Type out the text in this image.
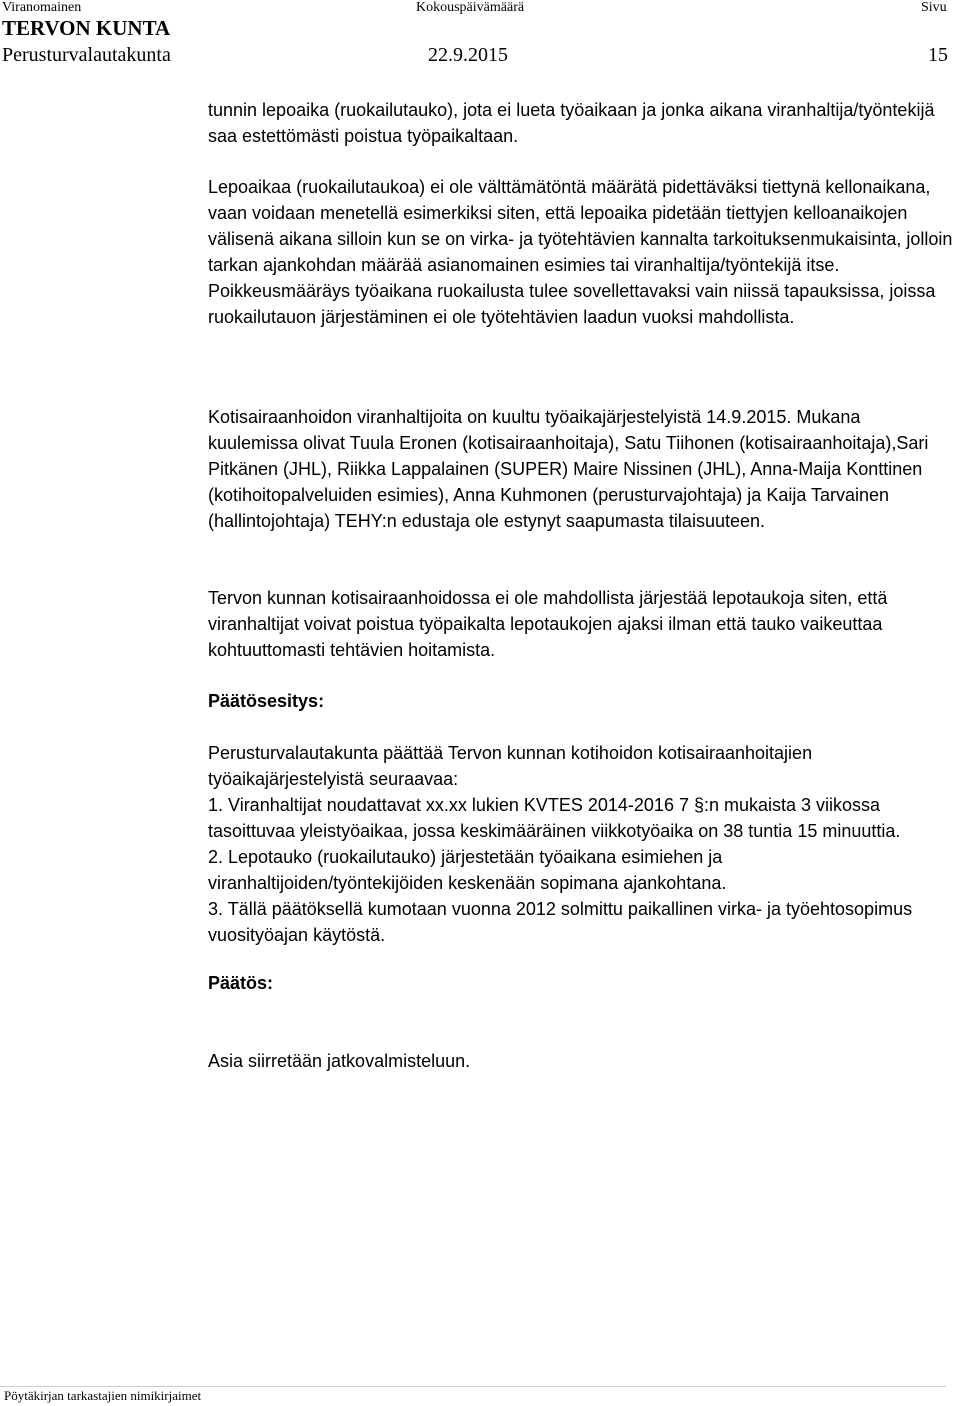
Viranomainen	Kokouspäivämäärä	Sivu
TERVON KUNTA
Perusturvalautakunta	22.9.2015	15

tunnin lepoaika (ruokailutauko), jota ei lueta työaikaan ja jonka aikana viranhaltija/työntekijä saa estettömästi poistua työpaikaltaan.

Lepoaikaa (ruokailutaukoa) ei ole välttämätöntä määrätä pidettäväksi tiettynä kellonaikana, vaan voidaan menetellä esimerkiksi siten, että lepoaika pidetään tiettyjen kelloanaikojen välisenä aikana silloin kun se on virka- ja työtehtävien kannalta tarkoituksenmukaisinta, jolloin tarkan ajankohdan määrää asianomainen esimies tai viranhaltija/työntekijä itse. Poikkeusmääräys työaikana ruokailusta tulee sovellettavaksi vain niissä tapauksissa, joissa ruokailutauon järjestäminen ei ole työtehtävien laadun vuoksi mahdollista.

Kotisairaanhoidon viranhaltijoita on kuultu työaikajärjestelyistä 14.9.2015. Mukana kuulemissa olivat Tuula Eronen (kotisairaanhoitaja), Satu Tiihonen (kotisairaanhoitaja),Sari Pitkänen (JHL), Riikka Lappalainen (SUPER) Maire Nissinen (JHL), Anna-Maija Konttinen (kotihoitopalveluiden esimies), Anna Kuhmonen (perusturvajohtaja) ja Kaija Tarvainen (hallintojohtaja) TEHY:n edustaja ole estynyt saapumasta tilaisuuteen.

Tervon kunnan kotisairaanhoidossa ei ole mahdollista järjestää lepotaukoja siten, että viranhaltijat voivat poistua työpaikalta lepotaukojen ajaksi ilman että tauko vaikeuttaa kohtuuttomasti tehtävien hoitamista.

Päätösesitys:
Perusturvalautakunta päättää Tervon kunnan kotihoidon kotisairaanhoitajien työaikajärjestelyistä seuraavaa:
1. Viranhaltijat noudattavat xx.xx lukien KVTES 2014-2016 7 §:n mukaista 3 viikossa tasoittuvaa yleistyöaikaa, jossa keskimääräinen viikkotyöaika on 38 tuntia 15 minuuttia.
2. Lepotauko (ruokailutauko) järjestetään työaikana esimiehen ja viranhaltijoiden/työntekijöiden keskenään sopimana ajankohtana.
3. Tällä päätöksellä kumotaan vuonna 2012 solmittu paikallinen virka- ja työehtosopimus vuosityöajan käytöstä.
Päätös:
Asia siirretään jatkovalmisteluun.
Pöytäkirjan tarkastajien nimikirjaimet
